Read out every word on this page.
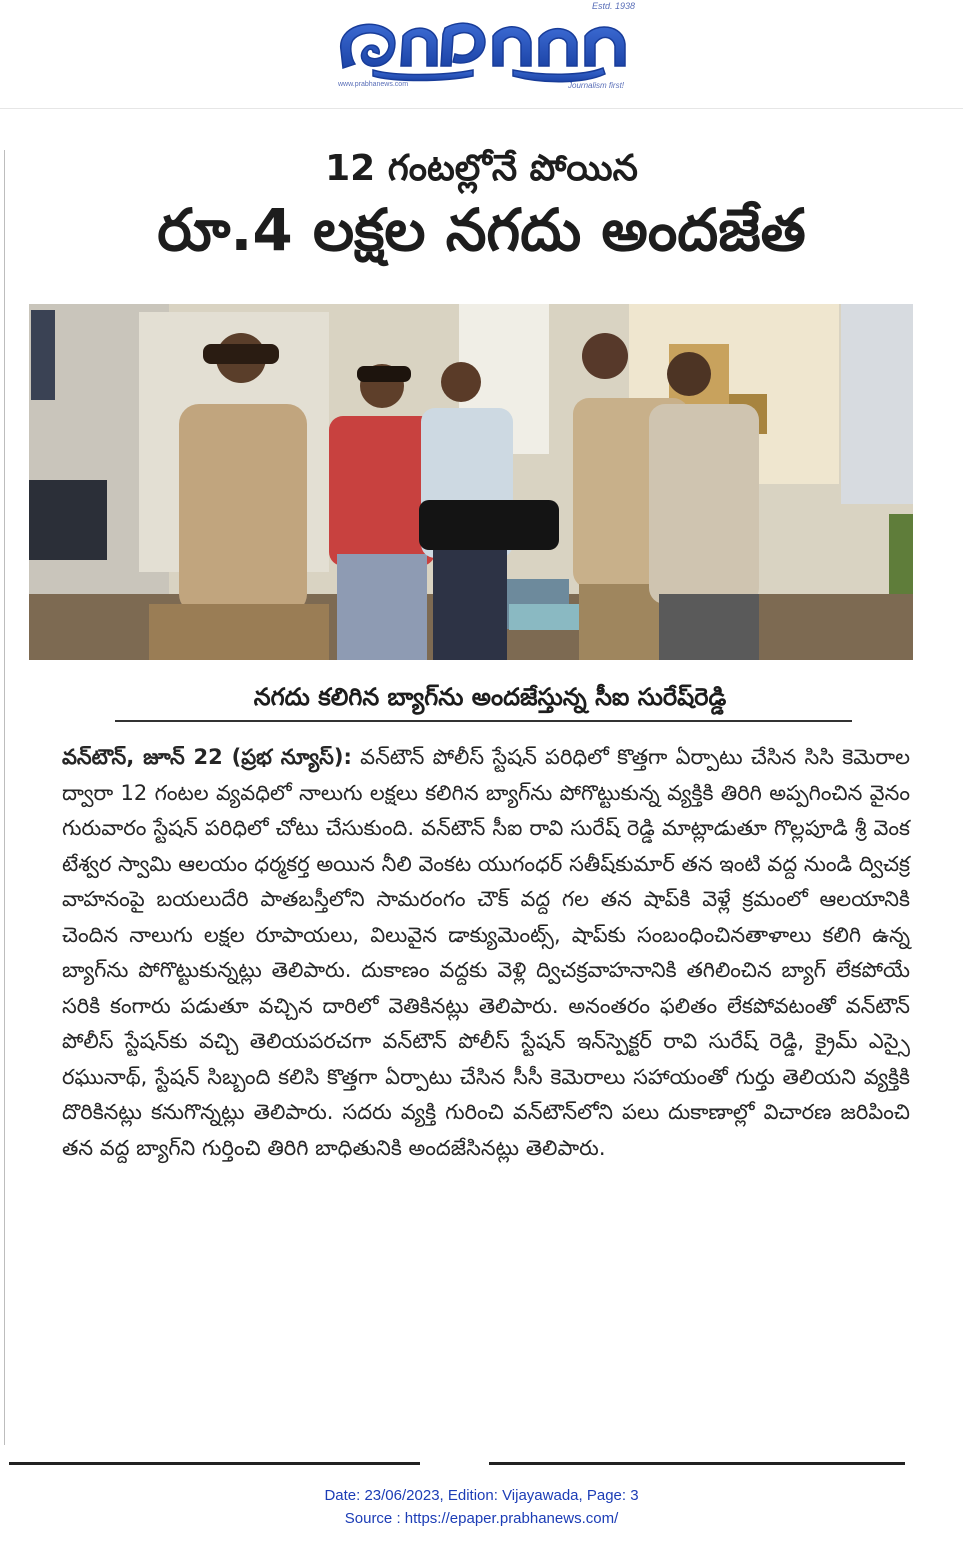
Estd. 1938
www.prabhanews.com	Journalism first!
12 గంటల్లోనే పోయిన
రూ.4 లక్షల నగదు అందజేత
నగదు కలిగిన బ్యాగ్‌ను అందజేస్తున్న సీఐ సురేష్‌రెడ్డి
వన్‌టౌన్‌, జూన్‌ 22 (ప్రభ న్యూస్‌): వన్‌టౌన్‌ పోలీస్‌ స్టేషన్‌ పరిధిలో కొత్తగా ఏర్పాటు చేసిన సిసి కెమెరాల ద్వారా 12 గంటల వ్యవధిలో నాలుగు లక్షలు కలిగిన బ్యాగ్‌ను పోగొట్టుకున్న వ్యక్తికి తిరిగి అప్పగించిన వైనం గురువారం స్టేషన్‌ పరిధిలో చోటు చేసుకుంది. వన్‌టౌన్‌ సీఐ రావి సురేష్‌ రెడ్డి మాట్లాడుతూ గొల్లపూడి శ్రీ వెంక టేశ్వర స్వామి ఆలయం ధర్మకర్త అయిన నీలి వెంకట యుగంధర్‌ సతీష్‌కుమార్‌ తన ఇంటి వద్ద నుండి ద్విచక్ర వాహనంపై బయలుదేరి పాతబస్తీలోని సామరంగం చౌక్‌ వద్ద గల తన షాప్‌కి వెళ్లే క్రమంలో ఆలయానికి చెందిన నాలుగు లక్షల రూపాయలు, విలువైన డాక్యుమెంట్స్‌, షాప్‌కు సంబంధించినతాళాలు కలిగి ఉన్న బ్యాగ్‌ను పోగొట్టుకున్నట్లు తెలిపారు. దుకాణం వద్దకు వెళ్లి ద్విచక్రవాహనానికి తగిలించిన బ్యాగ్‌ లేకపోయే సరికి కంగారు పడుతూ వచ్చిన దారిలో వెతికినట్లు తెలిపారు. అనంతరం ఫలితం లేకపోవటంతో వన్‌టౌన్‌ పోలీస్‌ స్టేషన్‌కు వచ్చి తెలియపరచగా వన్‌టౌన్‌ పోలీస్‌ స్టేషన్‌ ఇన్‌స్పెక్టర్‌ రావి సురేష్‌ రెడ్డి, క్రైమ్‌ ఎస్సై రఘునాథ్‌, స్టేషన్‌ సిబ్బంది కలిసి కొత్తగా ఏర్పాటు చేసిన సీసీ కెమెరాలు సహాయంతో గుర్తు తెలియని వ్యక్తికి దొరికినట్లు కనుగొన్నట్లు తెలిపారు. సదరు వ్యక్తి గురించి వన్‌టౌన్‌లోని పలు దుకాణాల్లో విచారణ జరిపించి తన వద్ద బ్యాగ్‌ని గుర్తించి తిరిగి బాధితునికి అందజేసినట్లు తెలిపారు.
Date: 23/06/2023, Edition: Vijayawada, Page: 3
Source : https://epaper.prabhanews.com/
